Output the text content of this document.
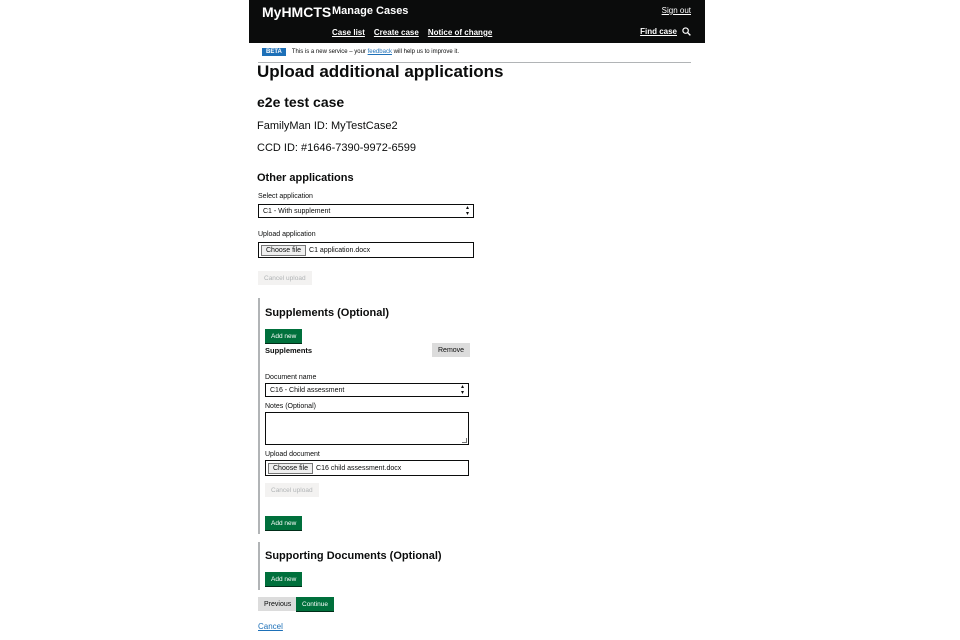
MyHMCTS Manage Cases	Sign out
Case list Create case Notice of change	Find case
BETA	This is a new service – your
feedback
will help us to improve it.
Upload additional applications
e2e test case
FamilyMan ID: MyTestCase2
CCD ID: #1646-7390-9972-6599
Other applications
Select application
C1 - With supplement	▴
▾
Upload application
Choose file	C1 application.docx
Cancel upload
Supplements (Optional)
Add new
Supplements	Remove
Document name
C16 - Child assessment	▴
▾
Notes (Optional)
Upload document
Choose file	C16 child assessment.docx
Cancel upload
Add new
Supporting Documents (Optional)
Add new
Previous	Continue
Cancel
